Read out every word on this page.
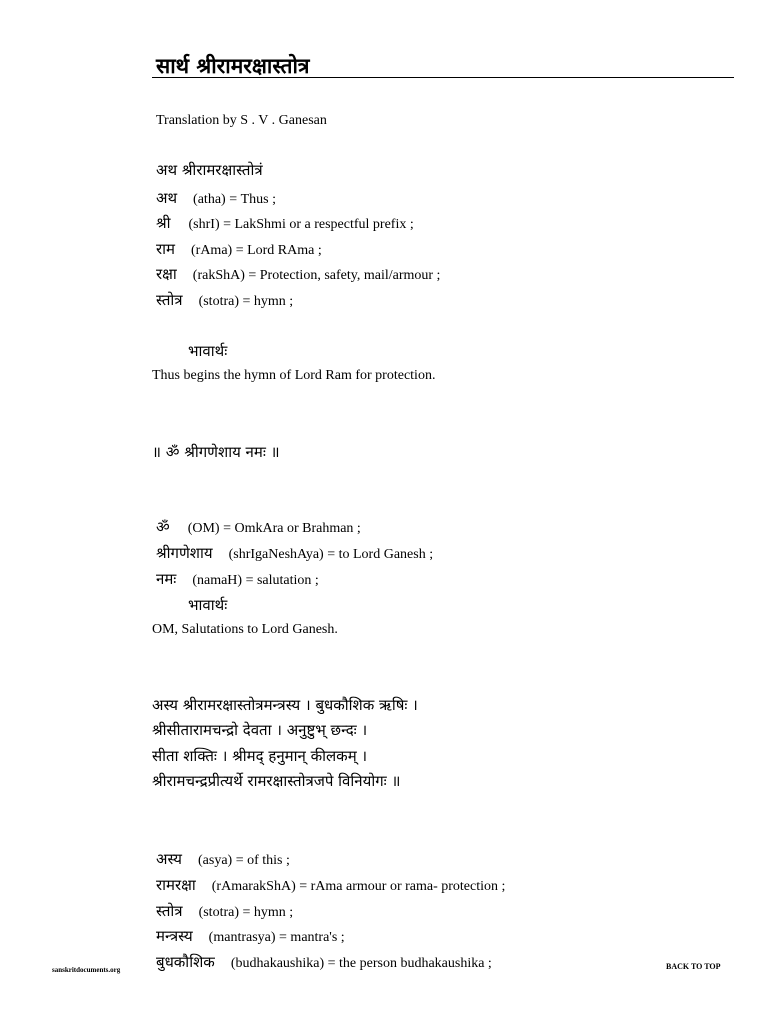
सार्थ श्रीरामरक्षास्तोत्र
Translation by S . V . Ganesan
अथ श्रीरामरक्षास्तोत्रं
अथ (atha) = Thus ;
श्री (shrI) = LakShmi or a respectful prefix ;
राम (rAma) = Lord RAma ;
रक्षा (rakShA) = Protection, safety, mail/armour ;
स्तोत्र (stotra) = hymn ;
भावार्थः
Thus begins the hymn of Lord Ram for protection.
॥ ॐ श्रीगणेशाय नमः ॥
ॐ (OM) = OmkAra or Brahman ;
श्रीगणेशाय (shrIgaNeshAya) = to Lord Ganesh ;
नमः (namaH) = salutation ;
भावार्थः
OM, Salutations to Lord Ganesh.
अस्य श्रीरामरक्षास्तोत्रमन्त्रस्य । बुधकौशिक ऋषिः ।
श्रीसीतारामचन्द्रो देवता । अनुष्टुभ् छन्दः ।
सीता शक्तिः । श्रीमद् हनुमान् कीलकम् ।
श्रीरामचन्द्रप्रीत्यर्थे रामरक्षास्तोत्रजपे विनियोगः ॥
अस्य (asya) = of this ;
रामरक्षा (rAmarakShA) = rAma armour or rama- protection ;
स्तोत्र (stotra) = hymn ;
मन्त्रस्य (mantrasya) = mantra's ;
बुधकौशिक (budhakaushika) = the person budhakaushika ;
sanskritdocuments.org	BACK TO TOP
